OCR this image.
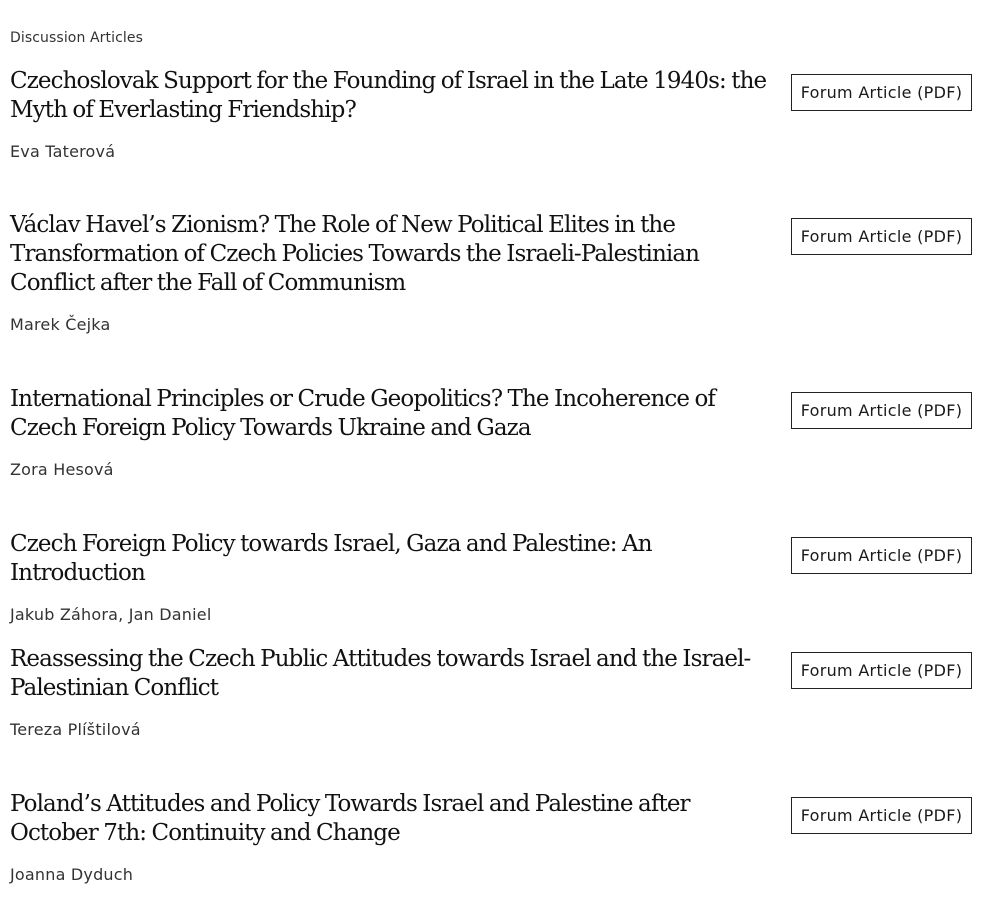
Discussion Articles

Czechoslovak Support for the Founding of Israel in the Late 1940s: the Myth of Everlasting Friendship?

Eva Taterová

Forum Article (PDF)
Václav Havel’s Zionism? The Role of New Political Elites in the Transformation of Czech Policies Towards the Israeli-Palestinian Conflict after the Fall of Communism

Marek Čejka

Forum Article (PDF)
International Principles or Crude Geopolitics? The Incoherence of Czech Foreign Policy Towards Ukraine and Gaza

Zora Hesová

Forum Article (PDF)
Czech Foreign Policy towards Israel, Gaza and Palestine: An Introduction

Jakub Záhora, Jan Daniel

Forum Article (PDF)
Reassessing the Czech Public Attitudes towards Israel and the Israel-Palestinian Conflict

Tereza Plíštilová

Forum Article (PDF)
Poland’s Attitudes and Policy Towards Israel and Palestine after October 7th: Continuity and Change

Joanna Dyduch

Forum Article (PDF)
